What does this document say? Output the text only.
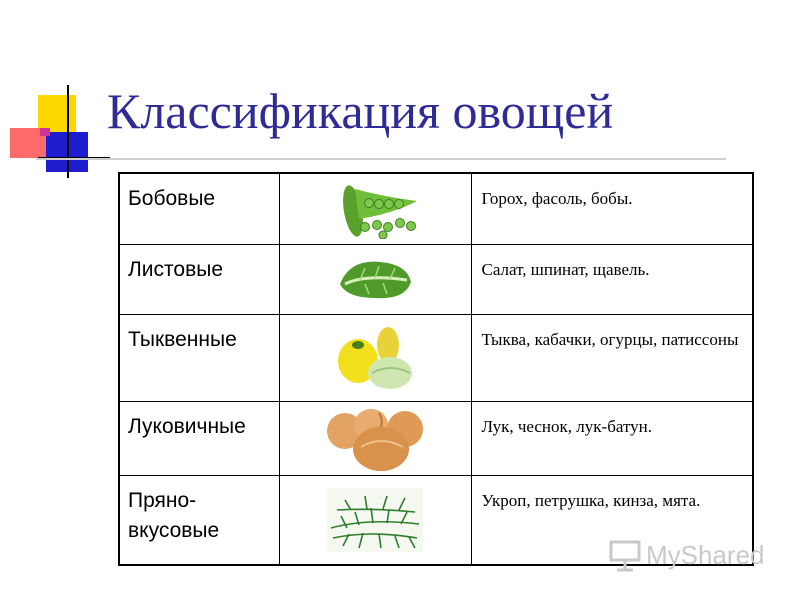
Классификация овощей
Бобовые		Горох, фасоль, бобы.
Листовые		Салат, шпинат, щавель.
Тыквенные		Тыква, кабачки, огурцы, патиссоны
Луковичные		Лук, чеснок, лук-батун.
Пряно-вкусовые		Укроп, петрушка, кинза, мята.
MyShared
